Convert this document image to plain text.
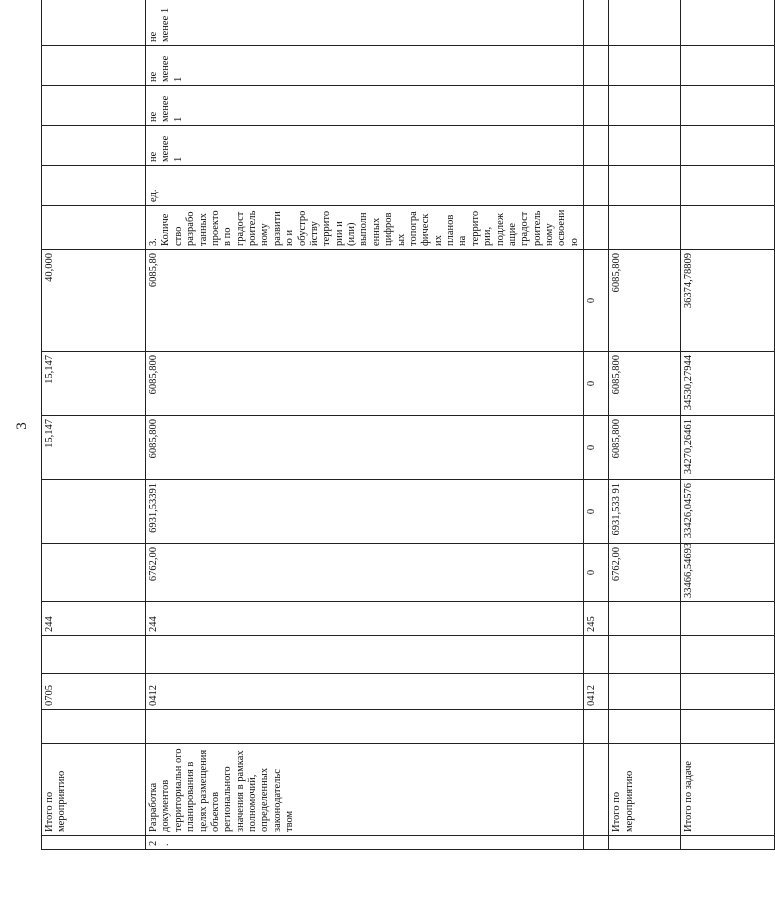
3
	Итого по мероприятию		0705		244			15,147	15,147	40,000							
2.	Разработка документов территориальн ого планирования в целях размещения объектов регионального значения в рамках полномочий, определенных законодательс твом		0412		244	6762,00	6931,53391	6085,800	6085,800	6085,80	3. Количество разработанных проектов по градостроительному развитию и обустройству территории и (или) выполненных цифровых топографических планов на территории, подлежащие градостроительному освоению	ед.	не менее 1	не менее 1	не менее 1	не менее 1	
			0412		245	0	0	0	0	0							
	Итого по мероприятию					6762,00	6931,533 91	6085,800	6085,800	6085,800							
	Итого по задаче					33466,54693	33426,04576	34270,26461	34530,27944	36374,78809							
